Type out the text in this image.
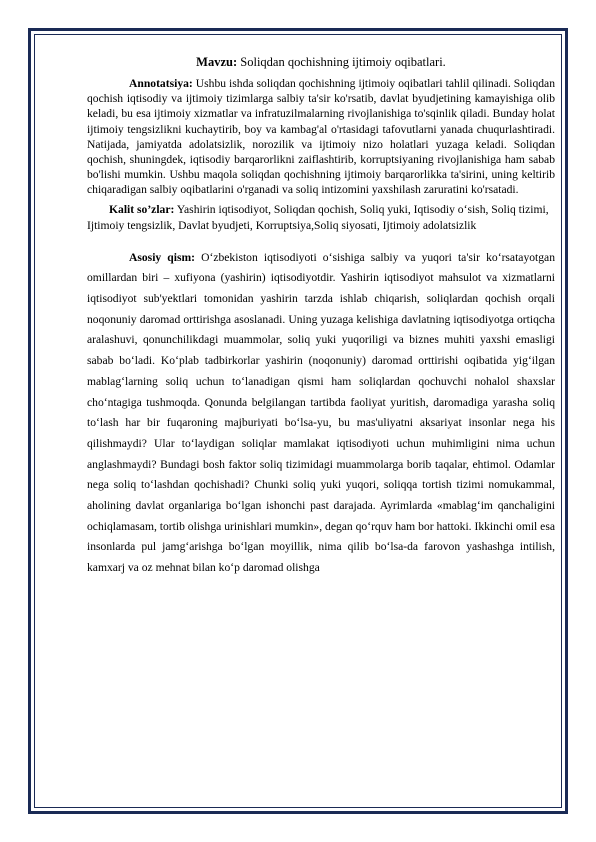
Mavzu: Soliqdan qochishning ijtimoiy oqibatlari.

Annotatsiya: Ushbu ishda soliqdan qochishning ijtimoiy oqibatlari tahlil qilinadi. Soliqdan qochish iqtisodiy va ijtimoiy tizimlarga salbiy ta'sir ko'rsatib, davlat byudjetining kamayishiga olib keladi, bu esa ijtimoiy xizmatlar va infratuzilmalarning rivojlanishiga to'sqinlik qiladi. Bunday holat ijtimoiy tengsizlikni kuchaytirib, boy va kambag'al o'rtasidagi tafovutlarni yanada chuqurlashtiradi. Natijada, jamiyatda adolatsizlik, norozilik va ijtimoiy nizo holatlari yuzaga keladi. Soliqdan qochish, shuningdek, iqtisodiy barqarorlikni zaiflashtirib, korruptsiyaning rivojlanishiga ham sabab bo'lishi mumkin. Ushbu maqola soliqdan qochishning ijtimoiy barqarorlikka ta'sirini, uning keltirib chiqaradigan salbiy oqibatlarini o'rganadi va soliq intizomini yaxshilash zaruratini ko'rsatadi.

Kalit so’zlar: Yashirin iqtisodiyot, Soliqdan qochish, Soliq yuki, Iqtisodiy o‘sish, Soliq tizimi, Ijtimoiy tengsizlik, Davlat byudjeti, Korruptsiya,Soliq siyosati, Ijtimoiy adolatsizlik

Asosiy qism: O‘zbekiston iqtisodiyoti o‘sishiga salbiy va yuqori ta'sir ko‘rsatayotgan omillardan biri – xufiyona (yashirin) iqtisodiyotdir. Yashirin iqtisodiyot mahsulot va xizmatlarni iqtisodiyot sub'yektlari tomonidan yashirin tarzda ishlab chiqarish, soliqlardan qochish orqali noqonuniy daromad orttirishga asoslanadi. Uning yuzaga kelishiga davlatning iqtisodiyotga ortiqcha aralashuvi, qonunchilikdagi muammolar, soliq yuki yuqoriligi va biznes muhiti yaxshi emasligi sabab bo‘ladi. Ko‘plab tadbirkorlar yashirin (noqonuniy) daromad orttirishi oqibatida yig‘ilgan mablag‘larning soliq uchun to‘lanadigan qismi ham soliqlardan qochuvchi nohalol shaxslar cho‘ntagiga tushmoqda. Qonunda belgilangan tartibda faoliyat yuritish, daromadiga yarasha soliq to‘lash har bir fuqaroning majburiyati bo‘lsa-yu, bu mas'uliyatni aksariyat insonlar nega his qilishmaydi? Ular to‘laydigan soliqlar mamlakat iqtisodiyoti uchun muhimligini nima uchun anglashmaydi? Bundagi bosh faktor soliq tizimidagi muammolarga borib taqalar, ehtimol. Odamlar nega soliq to‘lashdan qochishadi? Chunki soliq yuki yuqori, soliqqa tortish tizimi nomukammal, aholining davlat organlariga bo‘lgan ishonchi past darajada. Ayrimlarda «mablag‘im qanchaligini ochiqlamasam, tortib olishga urinishlari mumkin», degan qo‘rquv ham bor hattoki. Ikkinchi omil esa insonlarda pul jamg‘arishga bo‘lgan moyillik, nima qilib bo‘lsa-da farovon yashashga intilish, kamxarj va oz mehnat bilan ko‘p daromad olishga
